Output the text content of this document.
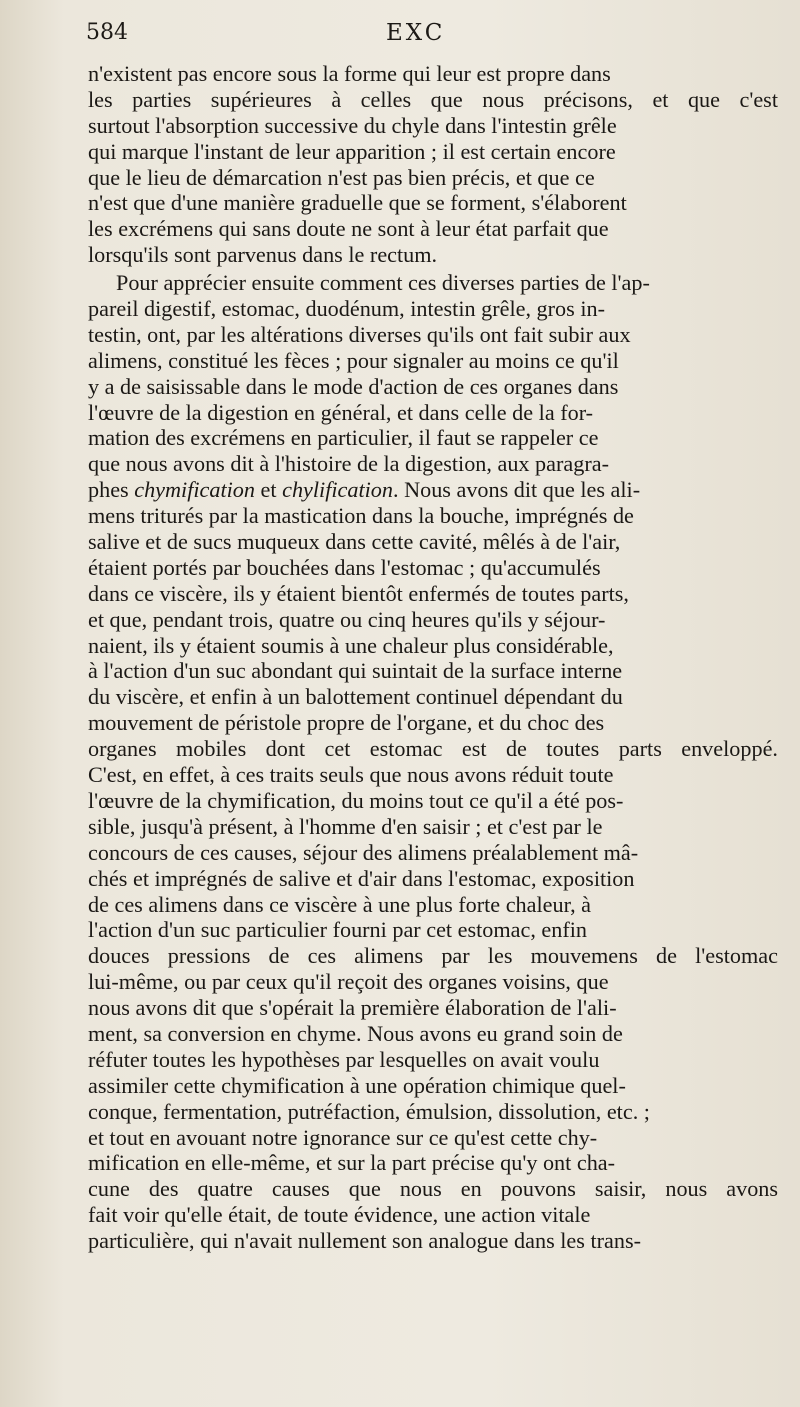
584	EXC
n'existent pas encore sous la forme qui leur est propre dans
les parties supérieures à celles que nous précisons, et que c'est
surtout l'absorption successive du chyle dans l'intestin grêle
qui marque l'instant de leur apparition ; il est certain encore
que le lieu de démarcation n'est pas bien précis, et que ce
n'est que d'une manière graduelle que se forment, s'élaborent
les excrémens qui sans doute ne sont à leur état parfait que
lorsqu'ils sont parvenus dans le rectum.
Pour apprécier ensuite comment ces diverses parties de l'ap-
pareil digestif, estomac, duodénum, intestin grêle, gros in-
testin, ont, par les altérations diverses qu'ils ont fait subir aux
alimens, constitué les fèces ; pour signaler au moins ce qu'il
y a de saisissable dans le mode d'action de ces organes dans
l'œuvre de la digestion en général, et dans celle de la for-
mation des excrémens en particulier, il faut se rappeler ce
que nous avons dit à l'histoire de la digestion, aux paragra-
phes chymification et chylification. Nous avons dit que les ali-
mens triturés par la mastication dans la bouche, imprégnés de
salive et de sucs muqueux dans cette cavité, mêlés à de l'air,
étaient portés par bouchées dans l'estomac ; qu'accumulés
dans ce viscère, ils y étaient bientôt enfermés de toutes parts,
et que, pendant trois, quatre ou cinq heures qu'ils y séjour-
naient, ils y étaient soumis à une chaleur plus considérable,
à l'action d'un suc abondant qui suintait de la surface interne
du viscère, et enfin à un balottement continuel dépendant du
mouvement de péristole propre de l'organe, et du choc des
organes mobiles dont cet estomac est de toutes parts enveloppé.
C'est, en effet, à ces traits seuls que nous avons réduit toute
l'œuvre de la chymification, du moins tout ce qu'il a été pos-
sible, jusqu'à présent, à l'homme d'en saisir ; et c'est par le
concours de ces causes, séjour des alimens préalablement mâ-
chés et imprégnés de salive et d'air dans l'estomac, exposition
de ces alimens dans ce viscère à une plus forte chaleur, à
l'action d'un suc particulier fourni par cet estomac, enfin
douces pressions de ces alimens par les mouvemens de l'estomac
lui-même, ou par ceux qu'il reçoit des organes voisins, que
nous avons dit que s'opérait la première élaboration de l'ali-
ment, sa conversion en chyme. Nous avons eu grand soin de
réfuter toutes les hypothèses par lesquelles on avait voulu
assimiler cette chymification à une opération chimique quel-
conque, fermentation, putréfaction, émulsion, dissolution, etc. ;
et tout en avouant notre ignorance sur ce qu'est cette chy-
mification en elle-même, et sur la part précise qu'y ont cha-
cune des quatre causes que nous en pouvons saisir, nous avons
fait voir qu'elle était, de toute évidence, une action vitale
particulière, qui n'avait nullement son analogue dans les trans-
